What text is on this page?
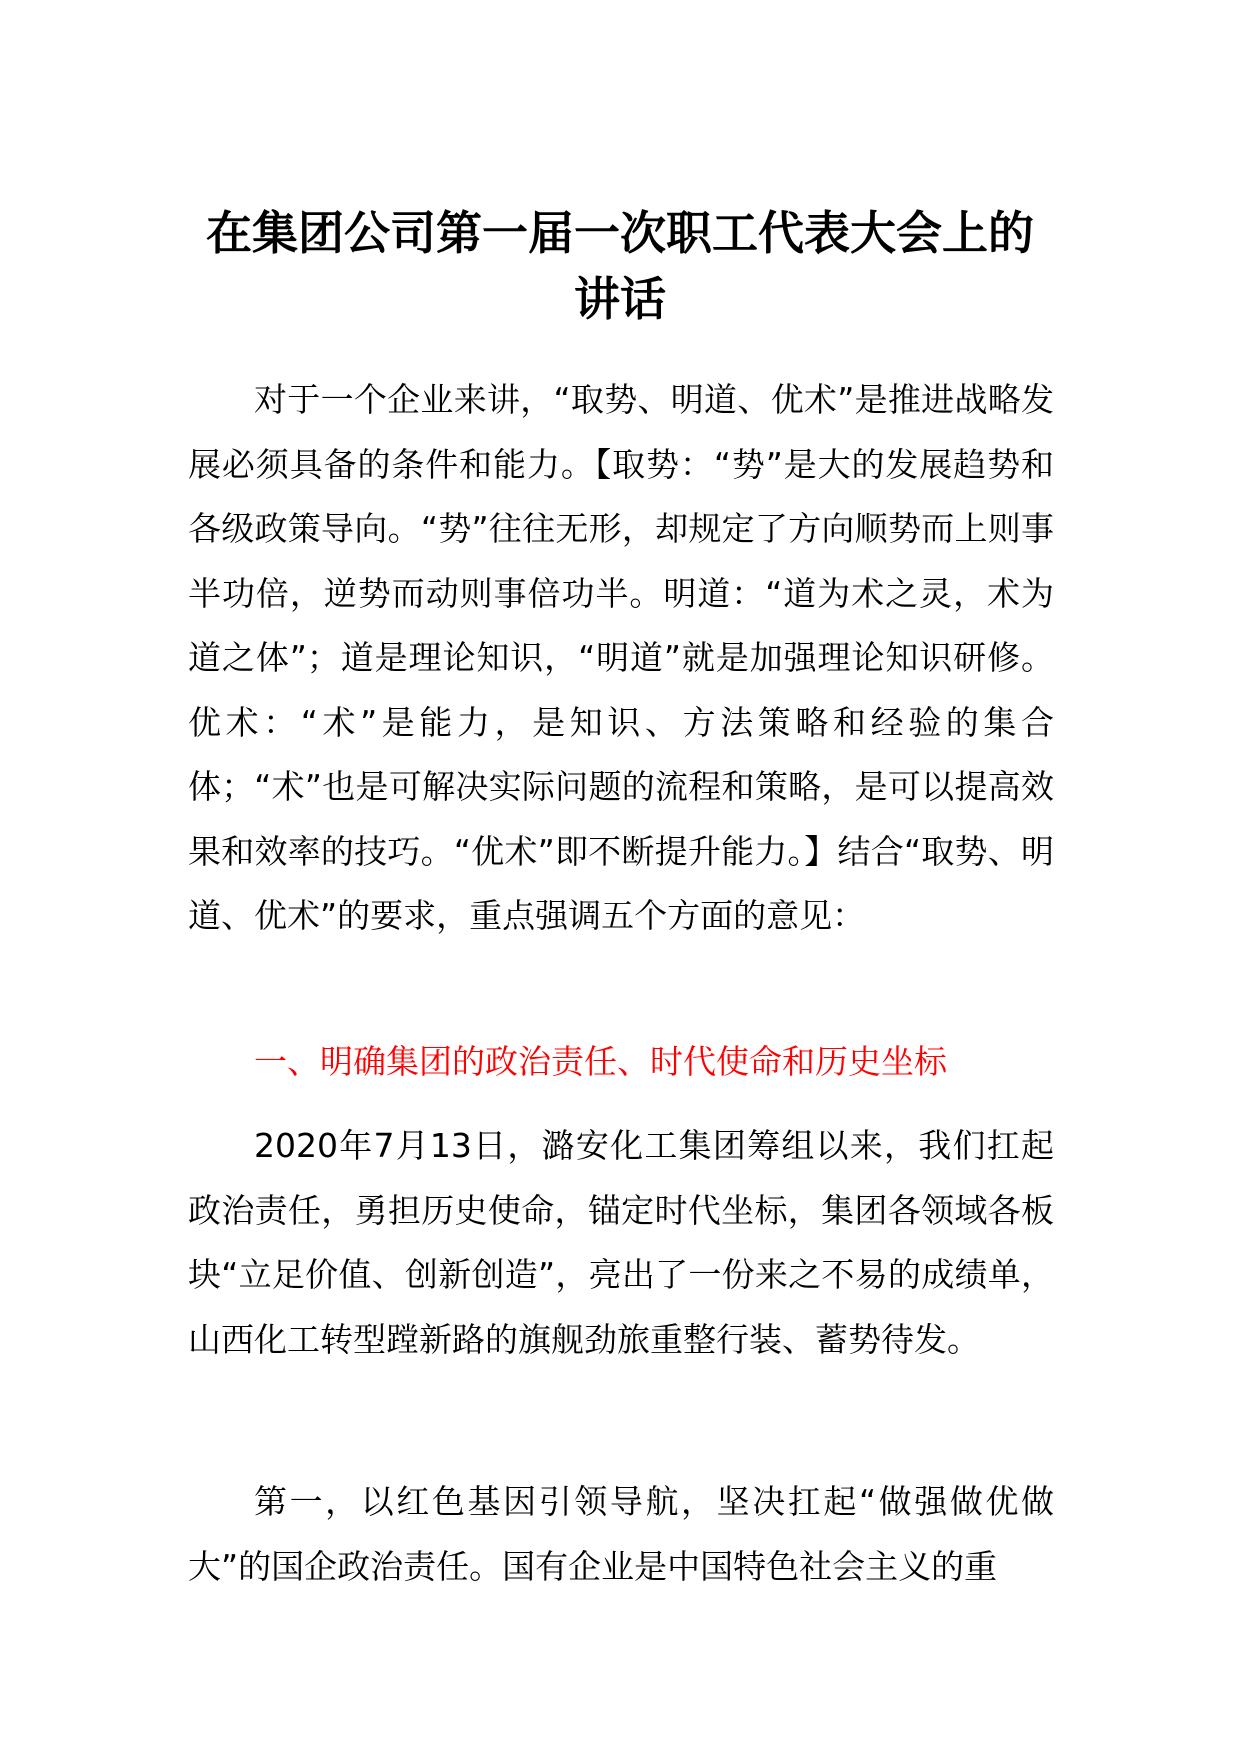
在集团公司第一届一次职工代表大会上的讲话

对于一个企业来讲，“取势、明道、优术”是推进战略发展必须具备的条件和能力。【取势：“势”是大的发展趋势和各级政策导向。“势”往往无形，却规定了方向顺势而上则事半功倍，逆势而动则事倍功半。明道：“道为术之灵，术为道之体”；道是理论知识，“明道”就是加强理论知识研修。优术：“术”是能力，是知识、方法策略和经验的集合体；“术”也是可解决实际问题的流程和策略，是可以提高效果和效率的技巧。“优术”即不断提升能力。】结合“取势、明道、优术”的要求，重点强调五个方面的意见：

一、明确集团的政治责任、时代使命和历史坐标

2020年7月13日，潞安化工集团筹组以来，我们扛起政治责任，勇担历史使命，锚定时代坐标，集团各领域各板块“立足价值、创新创造”，亮出了一份来之不易的成绩单，山西化工转型蹚新路的旗舰劲旅重整行装、蓄势待发。

第一，以红色基因引领导航，坚决扛起“做强做优做大”的国企政治责任。国有企业是中国特色社会主义的重
